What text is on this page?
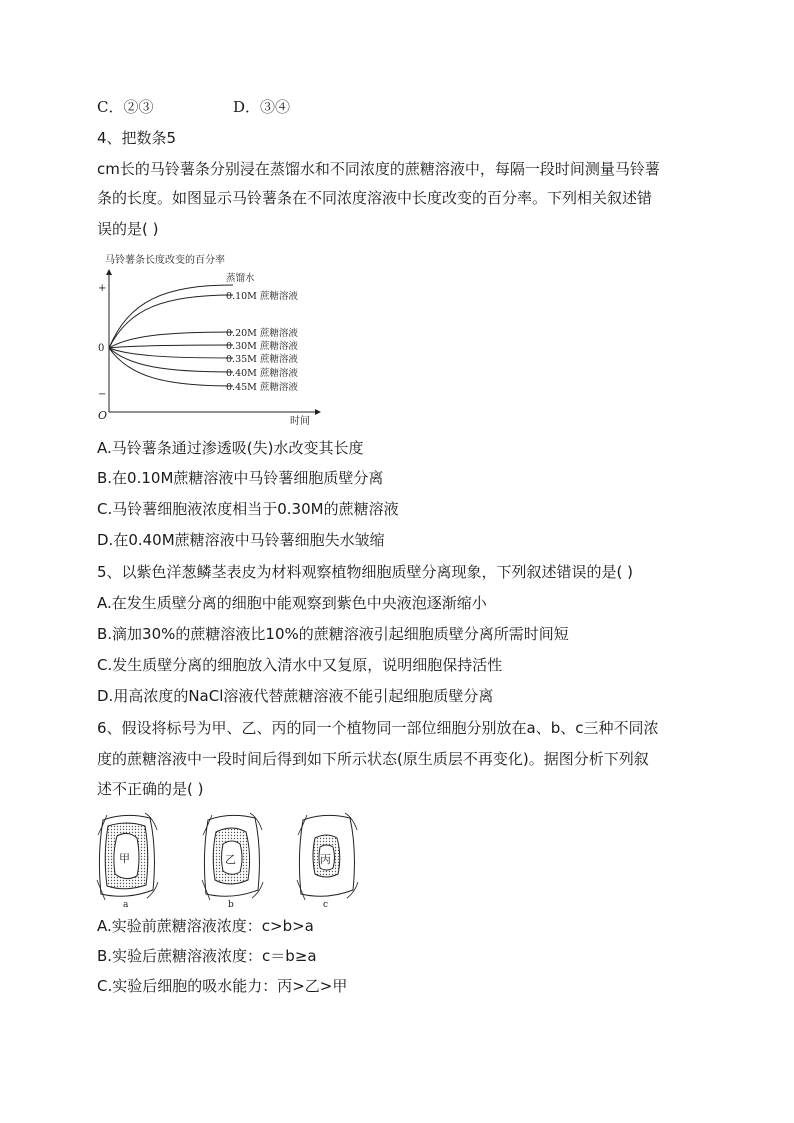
C．②③	D．③④
4、把数条5
cm长的马铃薯条分别浸在蒸馏水和不同浓度的蔗糖溶液中，每隔一段时间测量马铃薯
条的长度。如图显示马铃薯条在不同浓度溶液中长度改变的百分率。下列相关叙述错
误的是( )
马铃薯条长度改变的百分率
+
0
−
O	时间
蒸馏水
0.10M 蔗糖溶液
0.20M 蔗糖溶液
0.30M 蔗糖溶液
0.35M 蔗糖溶液
0.40M 蔗糖溶液
0.45M 蔗糖溶液
A.马铃薯条通过渗透吸(失)水改变其长度
B.在0.10M蔗糖溶液中马铃薯细胞质壁分离
C.马铃薯细胞液浓度相当于0.30M的蔗糖溶液
D.在0.40M蔗糖溶液中马铃薯细胞失水皱缩
5、以紫色洋葱鳞茎表皮为材料观察植物细胞质壁分离现象，下列叙述错误的是( )
A.在发生质壁分离的细胞中能观察到紫色中央液泡逐渐缩小
B.滴加30%的蔗糖溶液比10%的蔗糖溶液引起细胞质壁分离所需时间短
C.发生质壁分离的细胞放入清水中又复原，说明细胞保持活性
D.用高浓度的NaCl溶液代替蔗糖溶液不能引起细胞质壁分离
6、假设将标号为甲、乙、丙的同一个植物同一部位细胞分别放在a、b、c三种不同浓
度的蔗糖溶液中一段时间后得到如下所示状态(原生质层不再变化)。据图分析下列叙
述不正确的是( )
甲
a
乙
b
丙
c
A.实验前蔗糖溶液浓度：c>b>a
B.实验后蔗糖溶液浓度：c＝b≥a
C.实验后细胞的吸水能力：丙>乙>甲
